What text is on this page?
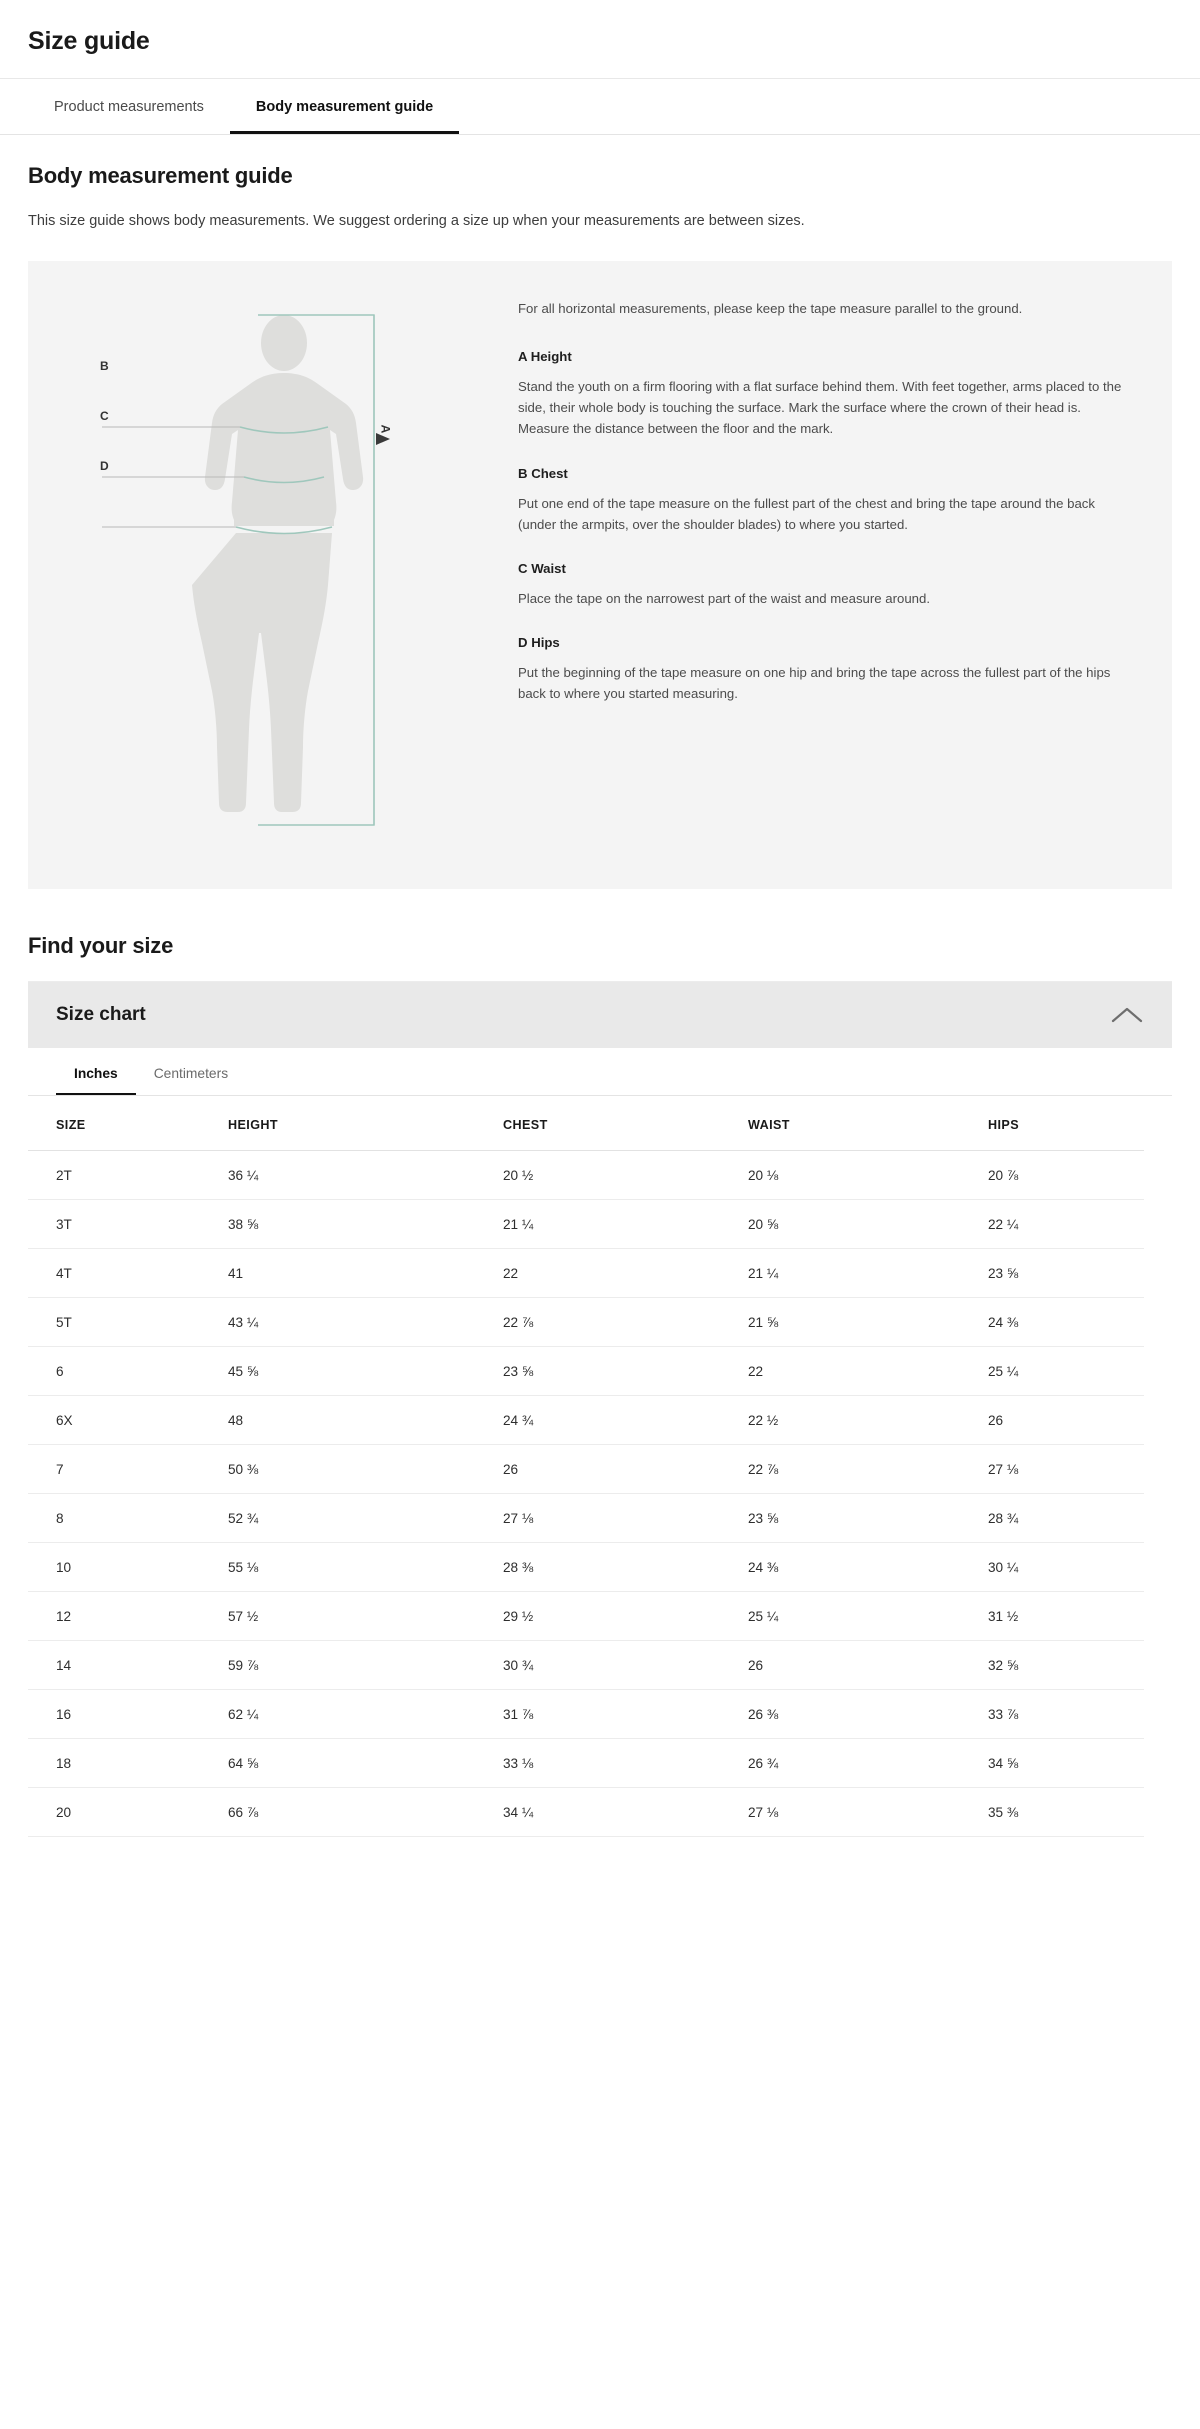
Size guide
Product measurements	Body measurement guide
Body measurement guide

This size guide shows body measurements. We suggest ordering a size up when your measurements are between sizes.

B
C
D
A

For all horizontal measurements, please keep the tape measure parallel to the ground.

A Height

Stand the youth on a firm flooring with a flat surface behind them. With feet together, arms placed to the side, their whole body is touching the surface. Mark the surface where the crown of their head is. Measure the distance between the floor and the mark.

B Chest

Put one end of the tape measure on the fullest part of the chest and bring the tape around the back (under the armpits, over the shoulder blades) to where you started.

C Waist

Place the tape on the narrowest part of the waist and measure around.

D Hips

Put the beginning of the tape measure on one hip and bring the tape across the fullest part of the hips back to where you started measuring.

Find your size
Size chart
Inches	Centimeters
SIZE	HEIGHT	CHEST	WAIST	HIPS
2T	36 ¼	20 ½	20 ⅛	20 ⅞
3T	38 ⅝	21 ¼	20 ⅝	22 ¼
4T	41	22	21 ¼	23 ⅝
5T	43 ¼	22 ⅞	21 ⅝	24 ⅜
6	45 ⅝	23 ⅝	22	25 ¼
6X	48	24 ¾	22 ½	26
7	50 ⅜	26	22 ⅞	27 ⅛
8	52 ¾	27 ⅛	23 ⅝	28 ¾
10	55 ⅛	28 ⅜	24 ⅜	30 ¼
12	57 ½	29 ½	25 ¼	31 ½
14	59 ⅞	30 ¾	26	32 ⅝
16	62 ¼	31 ⅞	26 ⅜	33 ⅞
18	64 ⅝	33 ⅛	26 ¾	34 ⅝
20	66 ⅞	34 ¼	27 ⅛	35 ⅜
